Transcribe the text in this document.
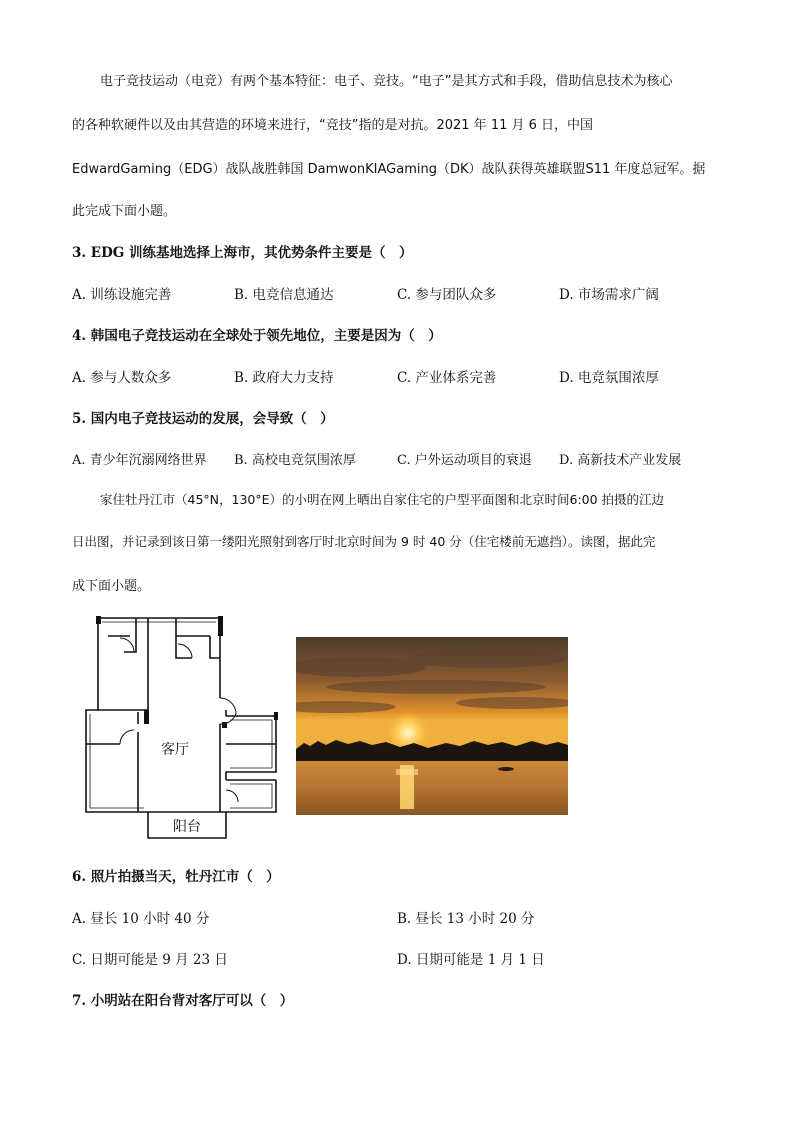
电子竞技运动（电竞）有两个基本特征：电子、竞技。“电子”是其方式和手段，借助信息技术为核心
的各种软硬件以及由其营造的环境来进行，“竞技”指的是对抗。2021 年 11 月 6 日，中国
EdwardGaming（EDG）战队战胜韩国 DamwonKIAGaming（DK）战队获得英雄联盟S11 年度总冠军。据
此完成下面小题。
3. EDG 训练基地选择上海市，其优势条件主要是（　）
A. 训练设施完善	B. 电竞信息通达	C. 参与团队众多	D. 市场需求广阔
4. 韩国电子竞技运动在全球处于领先地位，主要是因为（　）
A. 参与人数众多	B. 政府大力支持	C. 产业体系完善	D. 电竞氛围浓厚
5. 国内电子竞技运动的发展，会导致（　）
A. 青少年沉溺网络世界 B. 高校电竞氛围浓厚	C. 户外运动项目的衰退 D. 高新技术产业发展
家住牡丹江市（45°N，130°E）的小明在网上晒出自家住宅的户型平面图和北京时间6:00 拍摄的江边
日出图，并记录到该日第一缕阳光照射到客厅时北京时间为 9 时 40 分（住宅楼前无遮挡）。读图，据此完
成下面小题。
客厅
阳台
6. 照片拍摄当天，牡丹江市（　）
A. 昼长 10 小时 40 分	B. 昼长 13 小时 20 分
C. 日期可能是 9 月 23 日	D. 日期可能是 1 月 1 日
7. 小明站在阳台背对客厅可以（　）
